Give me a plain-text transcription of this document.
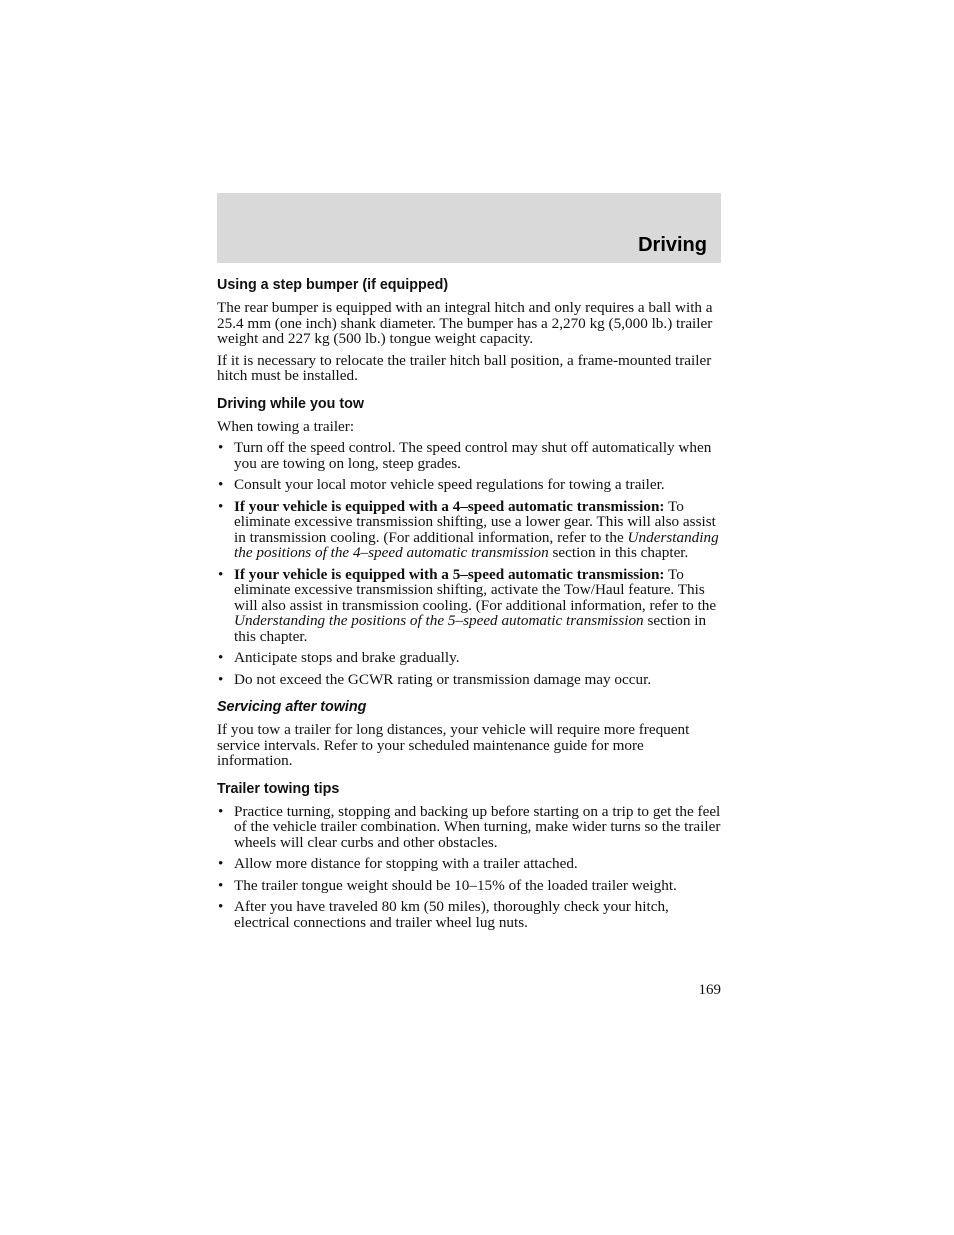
Driving
Using a step bumper (if equipped)

The rear bumper is equipped with an integral hitch and only requires a ball with a 25.4 mm (one inch) shank diameter. The bumper has a 2,270 kg (5,000 lb.) trailer weight and 227 kg (500 lb.) tongue weight capacity.

If it is necessary to relocate the trailer hitch ball position, a frame-mounted trailer hitch must be installed.

Driving while you tow

When towing a trailer:

• Turn off the speed control. The speed control may shut off automatically when you are towing on long, steep grades.
• Consult your local motor vehicle speed regulations for towing a trailer.
• If your vehicle is equipped with a 4–speed automatic transmission: To eliminate excessive transmission shifting, use a lower gear. This will also assist in transmission cooling. (For additional information, refer to the Understanding the positions of the 4–speed automatic transmission section in this chapter.
• If your vehicle is equipped with a 5–speed automatic transmission: To eliminate excessive transmission shifting, activate the Tow/Haul feature. This will also assist in transmission cooling. (For additional information, refer to the Understanding the positions of the 5–speed automatic transmission section in this chapter.
• Anticipate stops and brake gradually.
• Do not exceed the GCWR rating or transmission damage may occur.
Servicing after towing

If you tow a trailer for long distances, your vehicle will require more frequent service intervals. Refer to your scheduled maintenance guide for more information.

Trailer towing tips
• Practice turning, stopping and backing up before starting on a trip to get the feel of the vehicle trailer combination. When turning, make wider turns so the trailer wheels will clear curbs and other obstacles.
• Allow more distance for stopping with a trailer attached.
• The trailer tongue weight should be 10–15% of the loaded trailer weight.
• After you have traveled 80 km (50 miles), thoroughly check your hitch, electrical connections and trailer wheel lug nuts.
169
